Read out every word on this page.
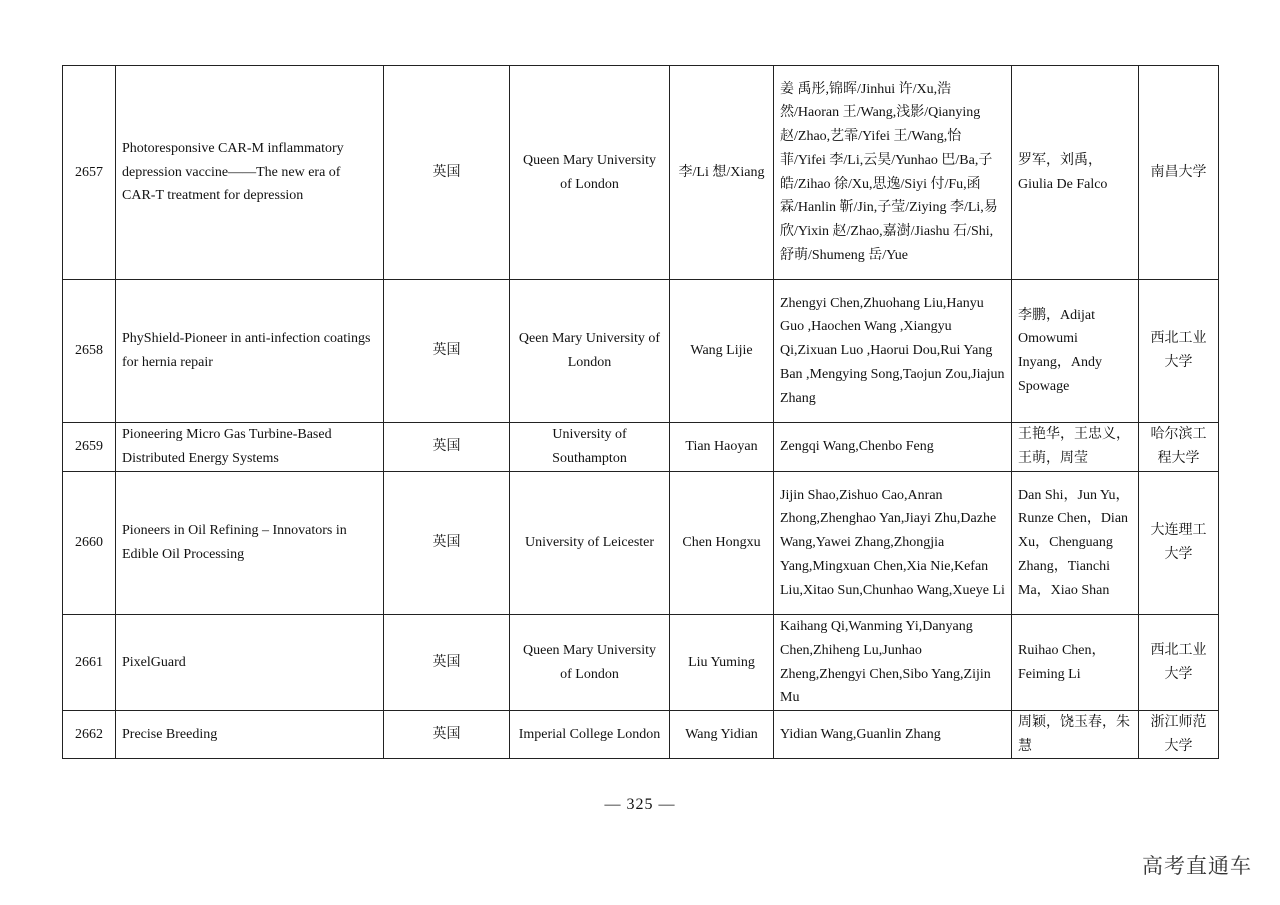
2657	Photoresponsive CAR-M inflammatory depression vaccine——The new era of CAR-T treatment for depression	英国	Queen Mary University of London	李/Li 想/Xiang	姜 禹彤,锦晖/Jinhui 许/Xu,浩然/Haoran 王/Wang,浅影/Qianying 赵/Zhao,艺霏/Yifei 王/Wang,怡菲/Yifei 李/Li,云昊/Yunhao 巴/Ba,子皓/Zihao 徐/Xu,思逸/Siyi 付/Fu,函霖/Hanlin 靳/Jin,子莹/Ziying 李/Li,易欣/Yixin 赵/Zhao,嘉澍/Jiashu 石/Shi,舒萌/Shumeng 岳/Yue	罗军，刘禹，Giulia De Falco	南昌大学
2658	PhyShield-Pioneer in anti-infection coatings for hernia repair	英国	Qeen Mary University of London	Wang Lijie	Zhengyi Chen,Zhuohang Liu,Hanyu Guo ,Haochen Wang ,Xiangyu Qi,Zixuan Luo ,Haorui Dou,Rui Yang Ban ,Mengying Song,Taojun Zou,Jiajun Zhang	李鹏，Adijat Omowumi Inyang，Andy Spowage	西北工业大学
2659	Pioneering Micro Gas Turbine-Based Distributed Energy Systems	英国	University of Southampton	Tian Haoyan	Zengqi Wang,Chenbo Feng	王艳华，王忠义，王萌，周莹	哈尔滨工程大学
2660	Pioneers in Oil Refining – Innovators in Edible Oil Processing	英国	University of Leicester	Chen Hongxu	Jijin Shao,Zishuo Cao,Anran Zhong,Zhenghao Yan,Jiayi Zhu,Dazhe Wang,Yawei Zhang,Zhongjia Yang,Mingxuan Chen,Xia Nie,Kefan Liu,Xitao Sun,Chunhao Wang,Xueye Li	Dan Shi，Jun Yu，Runze Chen，Dian Xu，Chenguang Zhang，Tianchi Ma，Xiao Shan	大连理工大学
2661	PixelGuard	英国	Queen Mary University of London	Liu Yuming	Kaihang Qi,Wanming Yi,Danyang Chen,Zhiheng Lu,Junhao Zheng,Zhengyi Chen,Sibo Yang,Zijin Mu	Ruihao Chen，Feiming Li	西北工业大学
2662	Precise Breeding	英国	Imperial College London	Wang Yidian	Yidian Wang,Guanlin Zhang	周颖，饶玉春，朱慧	浙江师范大学
— 325 —
高考直通车
